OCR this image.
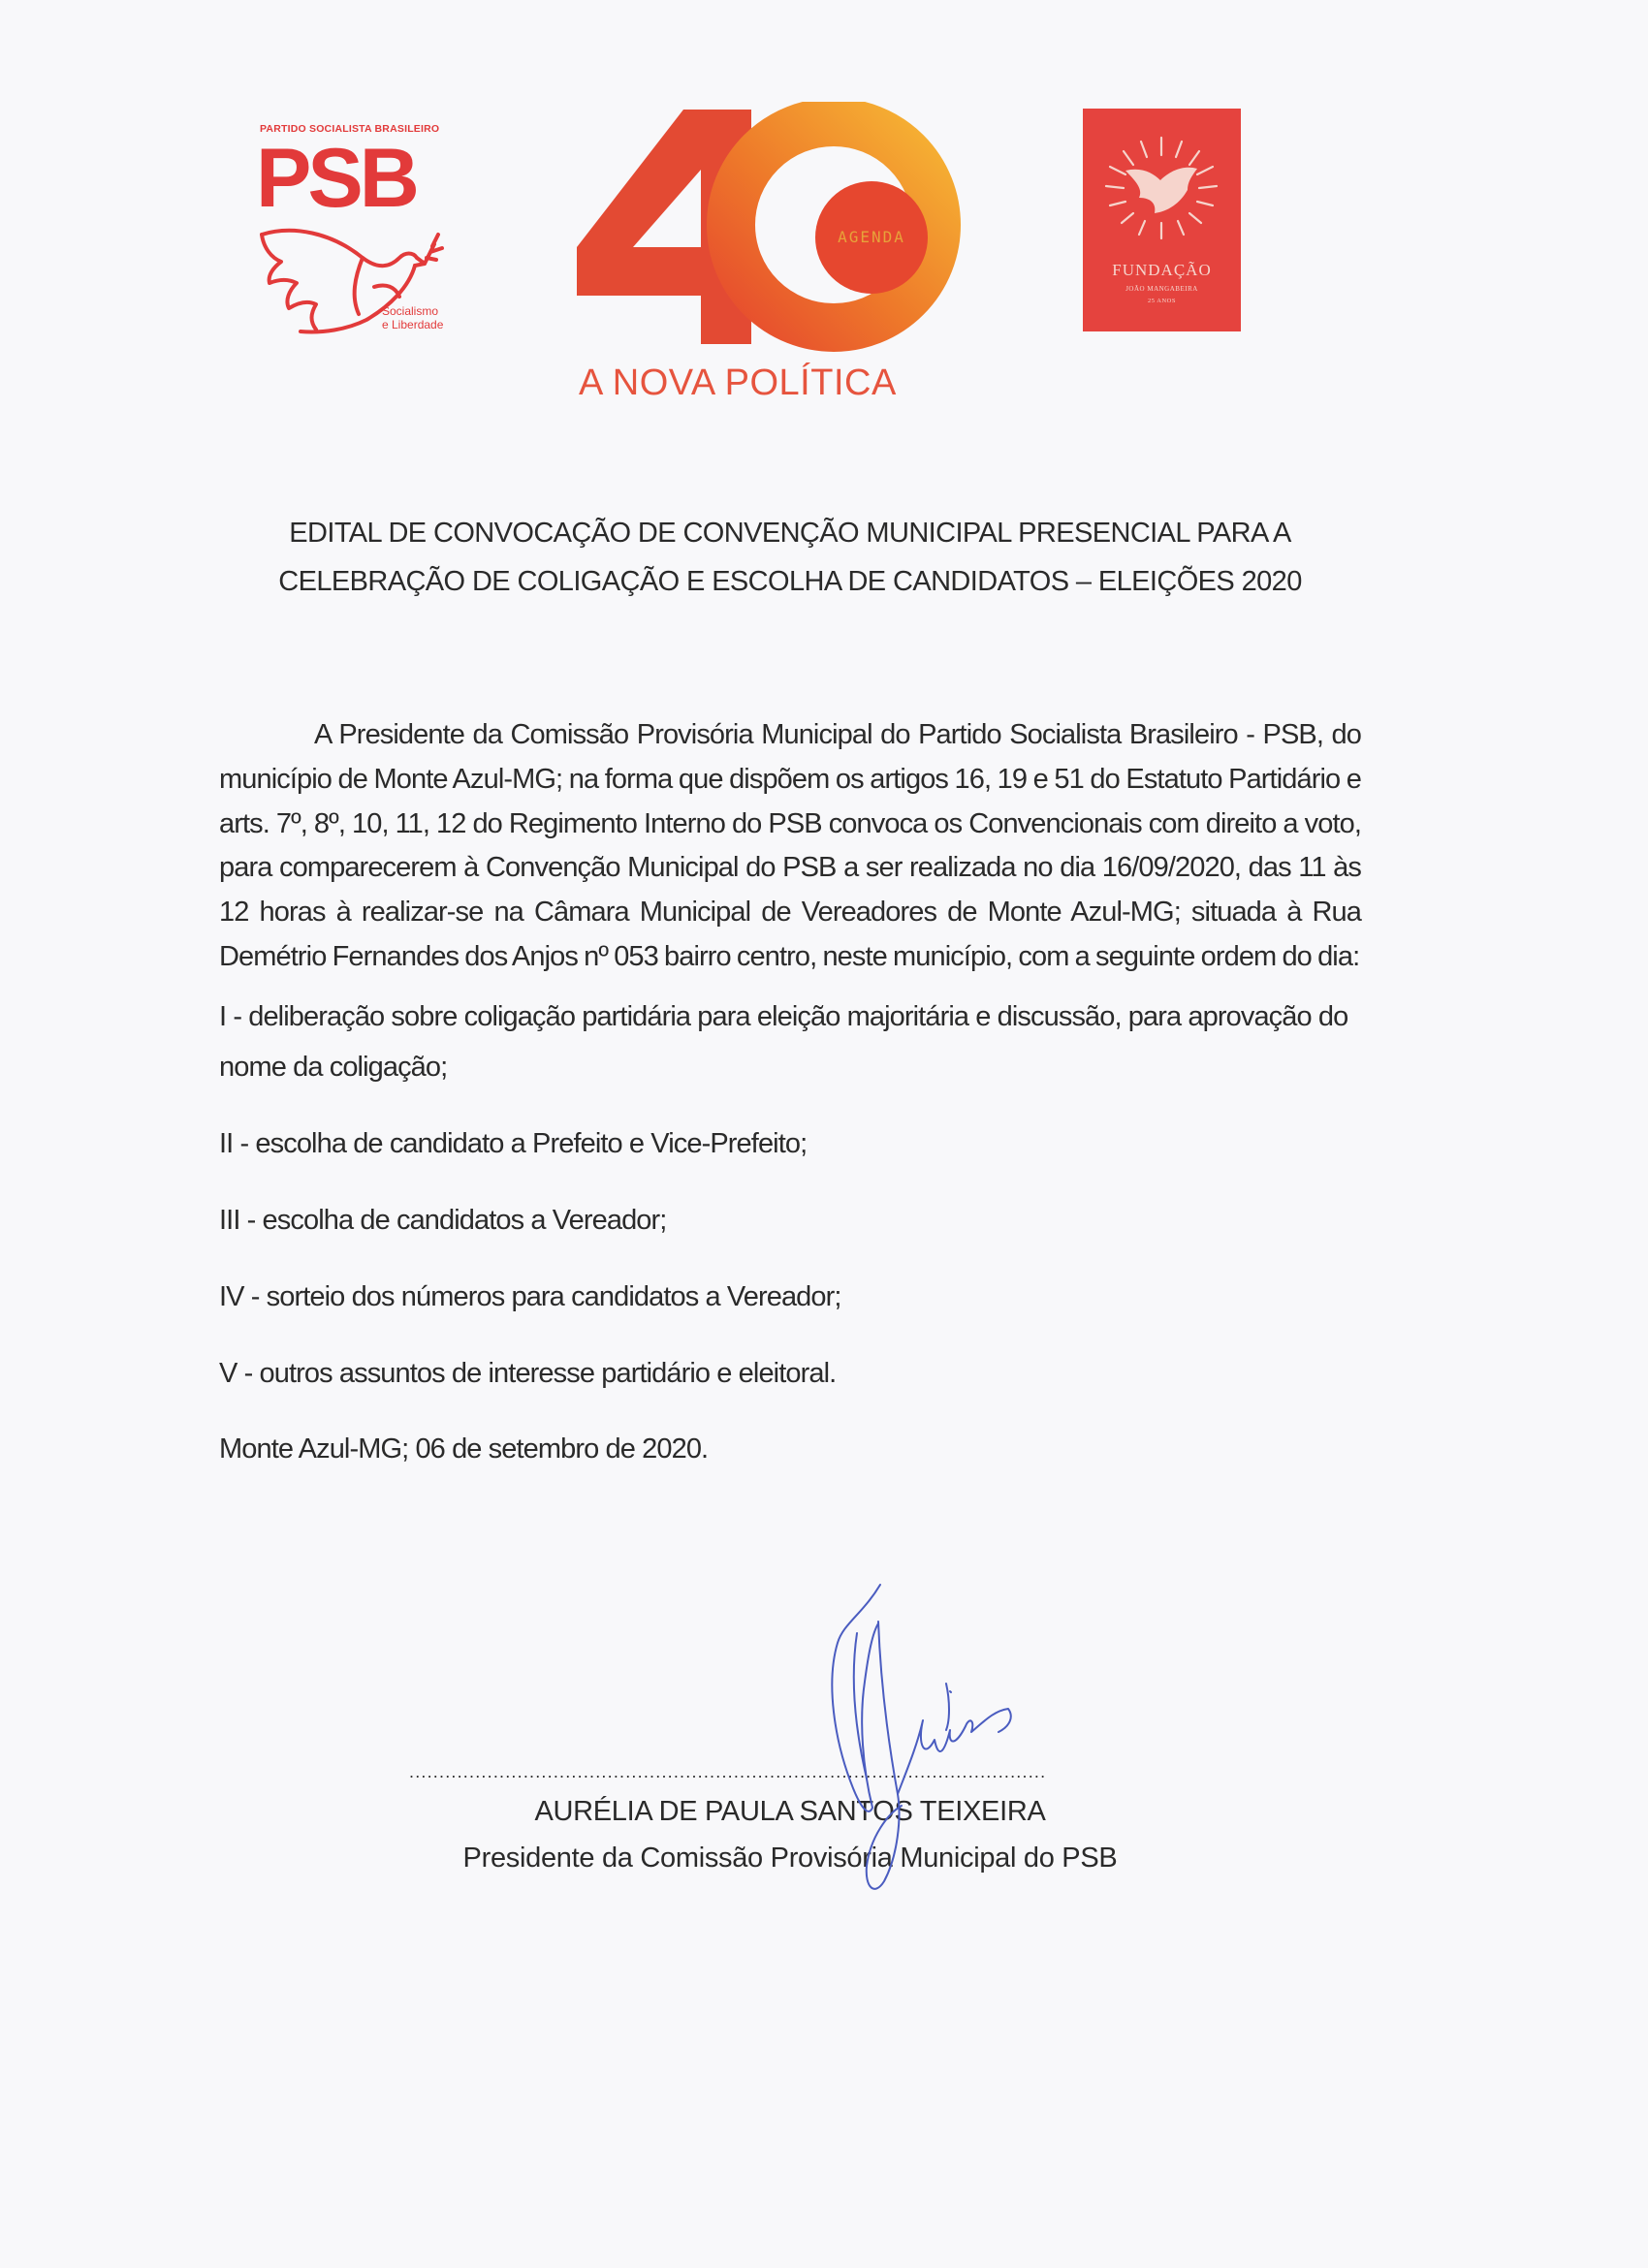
PARTIDO SOCIALISTA BRASILEIRO
PSB
Socialismo
e Liberdade
AGENDA
A NOVA POLÍTICA
FUNDAÇÃO
JOÃO MANGABEIRA
25 ANOS
EDITAL DE CONVOCAÇÃO DE CONVENÇÃO MUNICIPAL PRESENCIAL PARA A
CELEBRAÇÃO DE COLIGAÇÃO E ESCOLHA DE CANDIDATOS – ELEIÇÕES 2020

A Presidente da Comissão Provisória Municipal do Partido Socialista Brasileiro - PSB, do município de Monte Azul-MG; na forma que dispõem os artigos 16, 19 e 51 do Estatuto Partidário e arts. 7º, 8º, 10, 11, 12 do Regimento Interno do PSB convoca os Convencionais com direito a voto, para comparecerem à Convenção Municipal do PSB a ser realizada no dia 16/09/2020, das 11 às 12 horas à realizar-se na Câmara Municipal de Vereadores de Monte Azul-MG; situada à Rua Demétrio Fernandes dos Anjos nº 053 bairro centro, neste município, com a seguinte ordem do dia:

I - deliberação sobre coligação partidária para eleição majoritária e discussão, para aprovação do nome da coligação;

II - escolha de candidato a Prefeito e Vice-Prefeito;

III - escolha de candidatos a Vereador;

IV - sorteio dos números para candidatos a Vereador;

V - outros assuntos de interesse partidário e eleitoral.

Monte Azul-MG; 06 de setembro de 2020.

..........................................................................................................
AURÉLIA DE PAULA SANTOS TEIXEIRA
Presidente da Comissão Provisória Municipal do PSB
